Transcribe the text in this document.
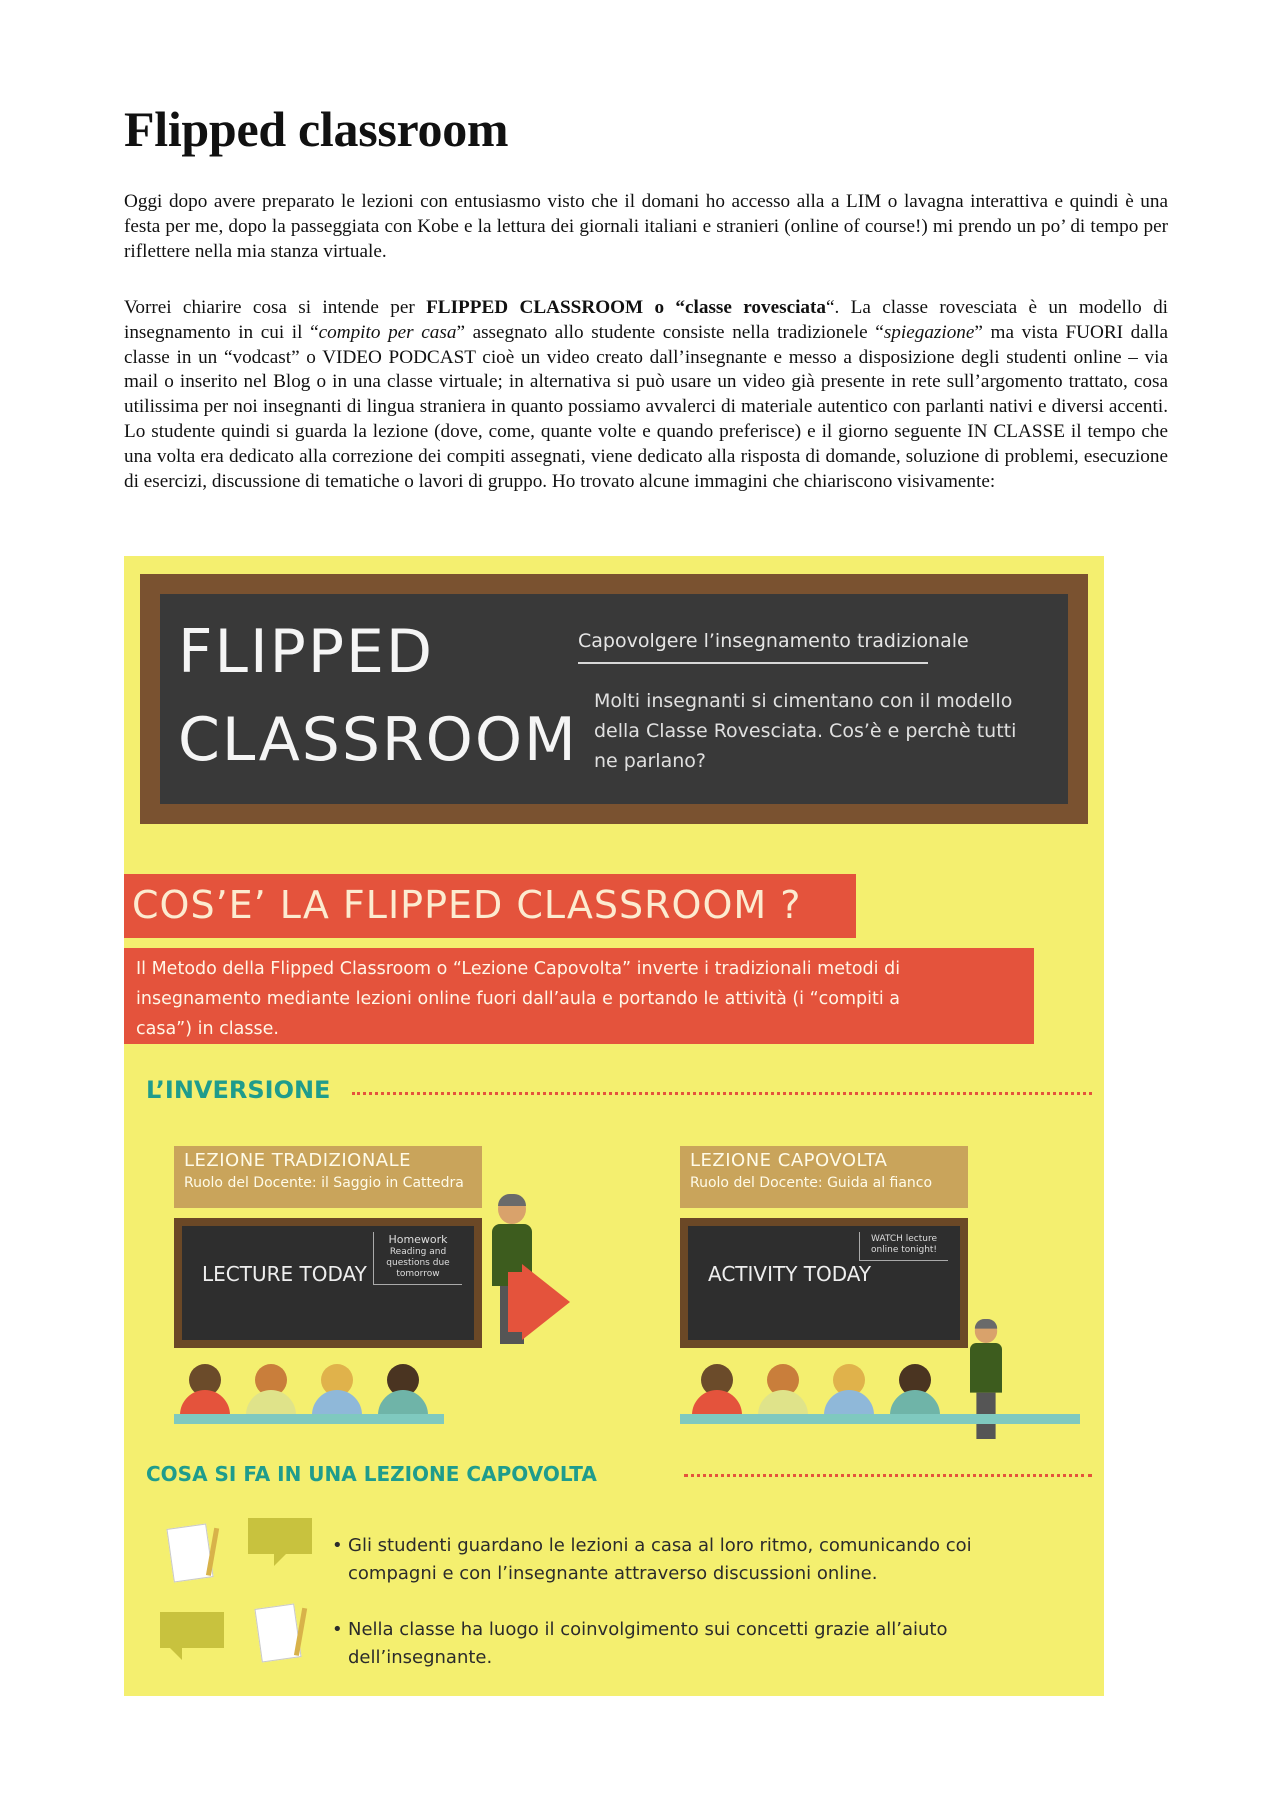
Flipped classroom

Oggi dopo avere preparato le lezioni con entusiasmo visto che il domani ho accesso alla a LIM o lavagna interattiva e quindi è una festa per me, dopo la passeggiata con Kobe e la lettura dei giornali italiani e stranieri (online of course!) mi prendo un po’ di tempo per riflettere nella mia stanza virtuale.

Vorrei chiarire cosa si intende per FLIPPED CLASSROOM o “classe rovesciata“. La classe rovesciata è un modello di insegnamento in cui il “compito per casa” assegnato allo studente consiste nella tradizionele “spiegazione” ma vista FUORI dalla classe in un “vodcast” o VIDEO PODCAST cioè un video creato dall’insegnante e messo a disposizione degli studenti online – via mail o inserito nel Blog o in una classe virtuale; in alternativa si può usare un video già presente in rete sull’argomento trattato, cosa utilissima per noi insegnanti di lingua straniera in quanto possiamo avvalerci di materiale autentico con parlanti nativi e diversi accenti. Lo studente quindi si guarda la lezione (dove, come, quante volte e quando preferisce) e il giorno seguente IN CLASSE il tempo che una volta era dedicato alla correzione dei compiti assegnati, viene dedicato alla risposta di domande, soluzione di problemi, esecuzione di esercizi, discussione di tematiche o lavori di gruppo. Ho trovato alcune immagini che chiariscono visivamente:

FLIPPED
CLASSROOM

Capovolgere l’insegnamento tradizionale

Molti insegnanti si cimentano con il modello della Classe Rovesciata. Cos’è e perchè tutti ne parlano?

COS’E’ LA FLIPPED CLASSROOM ?

Il Metodo della Flipped Classroom o “Lezione Capovolta” inverte i tradizionali metodi di insegnamento mediante lezioni online fuori dall’aula e portando le attività (i “compiti a casa”) in classe.

L’INVERSIONE
LEZIONE TRADIZIONALE
Ruolo del Docente: il Saggio in Cattedra
LECTURE TODAY
Homework
Reading and questions due tomorrow
LEZIONE CAPOVOLTA
Ruolo del Docente: Guida al fianco
ACTIVITY TODAY
WATCH lecture online tonight!
COSA SI FA IN UNA LEZIONE CAPOVOLTA

• Gli studenti guardano le lezioni a casa al loro ritmo, comunicando coi compagni e con l’insegnante attraverso discussioni online.

• Nella classe ha luogo il coinvolgimento sui concetti grazie all’aiuto dell’insegnante.
